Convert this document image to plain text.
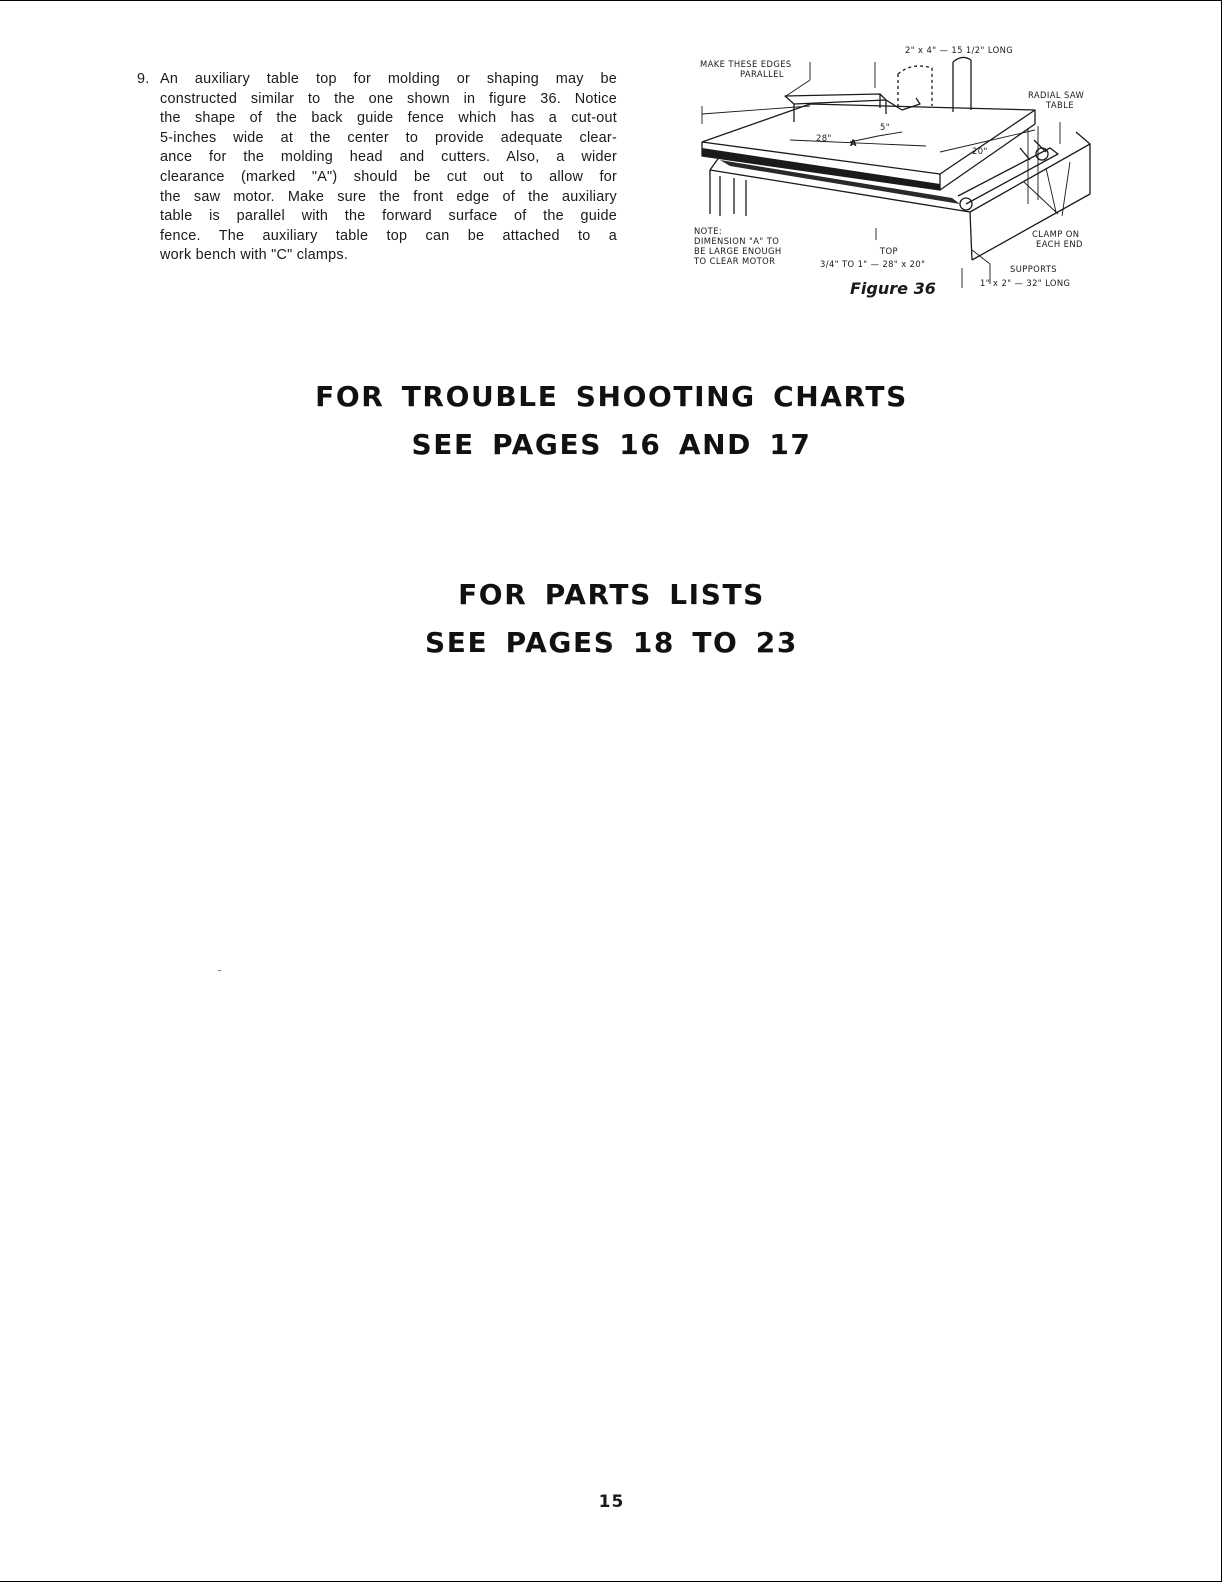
9. An auxiliary table top for molding or shaping may be
constructed similar to the one shown in figure 36. Notice
the shape of the back guide fence which has a cut-out
5-inches wide at the center to provide adequate clear-
ance for the molding head and cutters. Also, a wider
clearance (marked "A") should be cut out to allow for
the saw motor. Make sure the front edge of the auxiliary
table is parallel with the forward surface of the guide
fence. The auxiliary table top can be attached to a
work bench with "C" clamps.
2" x 4" — 15 1/2" LONG
MAKE THESE EDGES
PARALLEL
RADIAL SAW
TABLE
28"
5"
A
20"
NOTE:
DIMENSION "A" TO
BE LARGE ENOUGH
TO CLEAR MOTOR
TOP
3/4" TO 1" — 28" x 20"
CLAMP ON
EACH END
SUPPORTS
1" x 2" — 32" LONG
Figure 36
FOR TROUBLE SHOOTING CHARTS
SEE PAGES 16 AND 17
FOR PARTS LISTS
SEE PAGES 18 TO 23
15
